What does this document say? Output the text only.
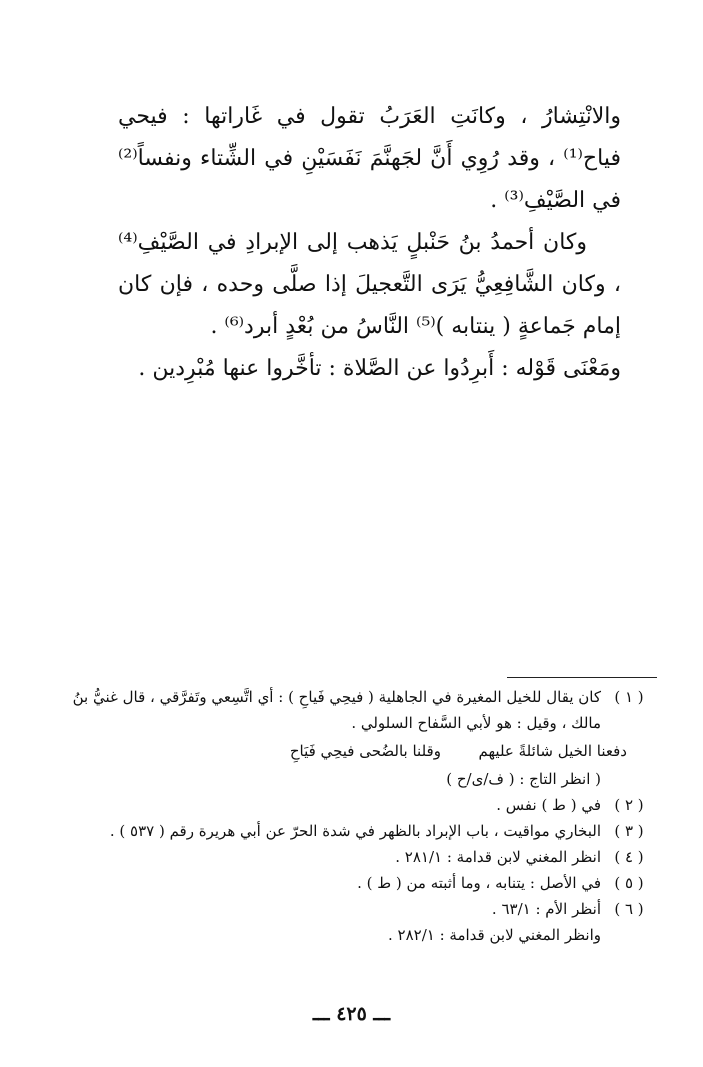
والانْتِشارُ ، وكانَتِ العَرَبُ تقول في غَاراتها : فيحي فياح⁽¹⁾ ، وقد رُوِي أَنَّ لجَهنَّمَ نَفَسَيْنِ في الشِّتاء ونفساً⁽²⁾ في الصَّيْفِ⁽³⁾ .

وكان أحمدُ بنُ حَنْبلٍ يَذهب إلى الإبرادِ في الصَّيْفِ⁽⁴⁾ ، وكان الشَّافِعِيُّ يَرَى التَّعجيلَ إذا صلَّى وحده ، فإن كان إمام جَماعةٍ ( ينتابه )⁽⁵⁾ النَّاسُ من بُعْدٍ أبرد⁽⁶⁾ .

ومَعْنَى قَوْله : أَبرِدُوا عن الصَّلاة : تأخَّروا عنها مُبْرِدين .

( ١ )
كان يقال للخيل المغيرة في الجاهلية ( فيحِي فَياحِ ) : أي اتَّسِعي وتَفرَّقي ، قال غنيُّ بنُ
مالك ، وقيل : هو لأبي السَّفاح السلولي .
دفعنا الخيل شائلةً عليهم  وقلنا بالضُحى فيحِي فَيَاحِ
( انظر التاج : ( ف/ى/ح )
( ٢ )
في ( ط ) نفس .
( ٣ )
البخاري مواقيت ، باب الإبراد بالظهر في شدة الحرّ عن أبي هريرة رقم ( ٥٣٧ ) .
( ٤ )
انظر المغني لابن قدامة : ٢٨١/١ .
( ٥ )
في الأصل : يتنابه ، وما أثبته من ( ط ) .
( ٦ )
أنظر الأم : ٦٣/١ .
وانظر المغني لابن قدامة : ٢٨٢/١ .
ـــ ٤٢٥ ـــ
